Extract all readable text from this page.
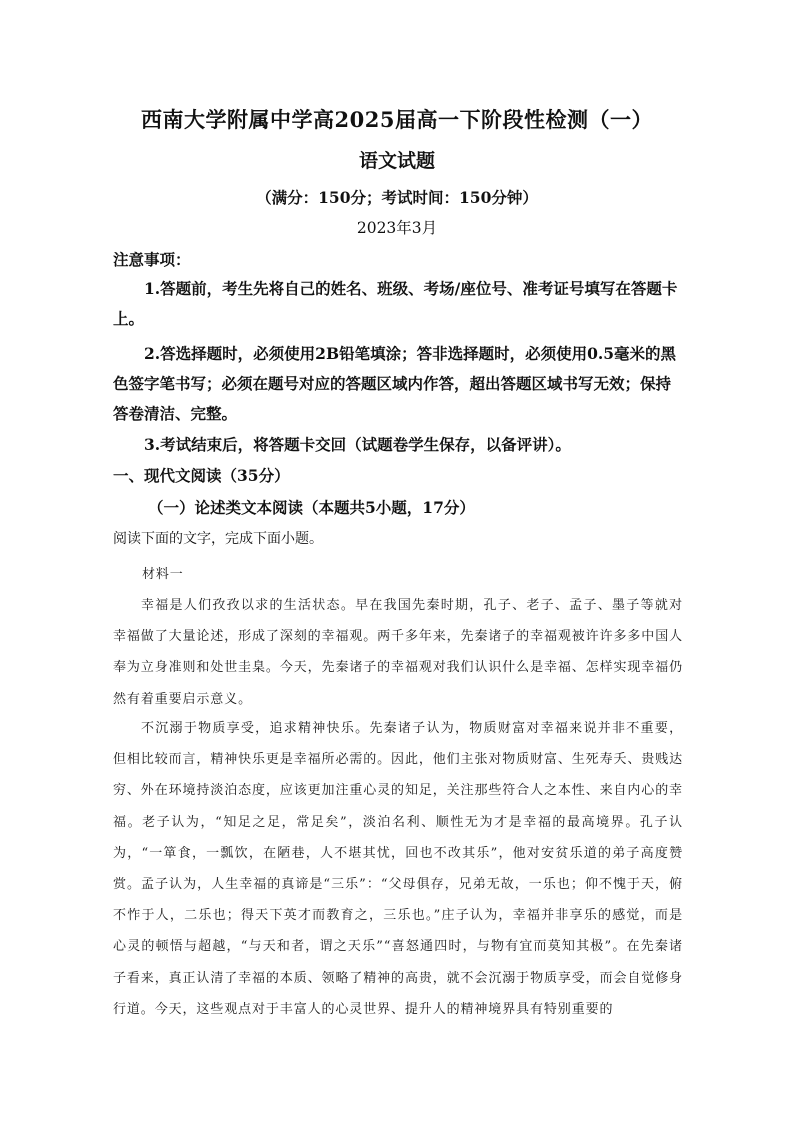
西南大学附属中学高2025届高一下阶段性检测（一）
语文试题
（满分：150分；考试时间：150分钟）
2023年3月
注意事项：
1.答题前，考生先将自己的姓名、班级、考场/座位号、准考证号填写在答题卡上。
2.答选择题时，必须使用2B铅笔填涂；答非选择题时，必须使用0.5毫米的黑色签字笔书写；必须在题号对应的答题区域内作答，超出答题区域书写无效；保持答卷清洁、完整。
3.考试结束后，将答题卡交回（试题卷学生保存，以备评讲）。
一、现代文阅读（35分）
（一）论述类文本阅读（本题共5小题，17分）
阅读下面的文字，完成下面小题。
材料一
幸福是人们孜孜以求的生活状态。早在我国先秦时期，孔子、老子、孟子、墨子等就对幸福做了大量论述，形成了深刻的幸福观。两千多年来，先秦诸子的幸福观被许许多多中国人奉为立身准则和处世圭臬。今天，先秦诸子的幸福观对我们认识什么是幸福、怎样实现幸福仍然有着重要启示意义。
不沉溺于物质享受，追求精神快乐。先秦诸子认为，物质财富对幸福来说并非不重要，但相比较而言，精神快乐更是幸福所必需的。因此，他们主张对物质财富、生死寿夭、贵贱达穷、外在环境持淡泊态度，应该更加注重心灵的知足，关注那些符合人之本性、来自内心的幸福。老子认为，“知足之足，常足矣”，淡泊名利、顺性无为才是幸福的最高境界。孔子认为，“一箪食，一瓢饮，在陋巷，人不堪其忧，回也不改其乐”，他对安贫乐道的弟子高度赞赏。孟子认为，人生幸福的真谛是“三乐”：“父母俱存，兄弟无故，一乐也；仰不愧于天，俯不怍于人，二乐也；得天下英才而教育之，三乐也。”庄子认为，幸福并非享乐的感觉，而是心灵的顿悟与超越，“与天和者，谓之天乐”“喜怒通四时，与物有宜而莫知其极”。在先秦诸子看来，真正认清了幸福的本质、领略了精神的高贵，就不会沉溺于物质享受，而会自觉修身行道。今天，这些观点对于丰富人的心灵世界、提升人的精神境界具有特别重要的
